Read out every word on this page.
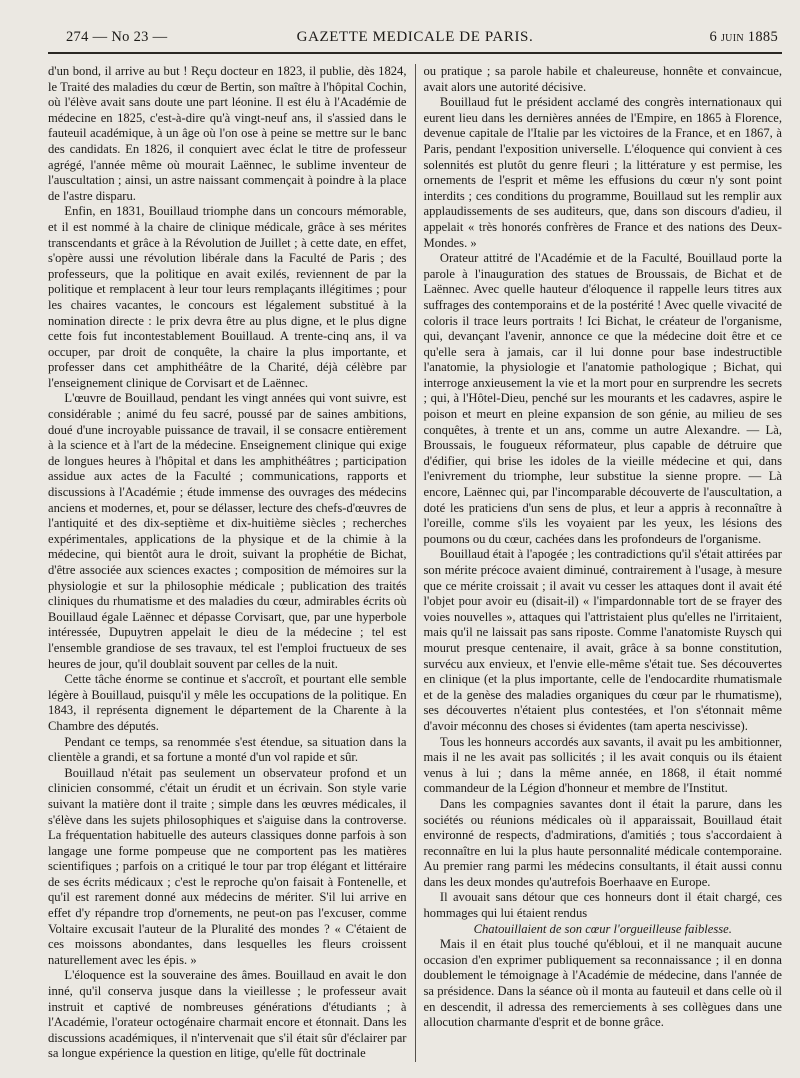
274 — No 23 —	GAZETTE MEDICALE DE PARIS.	6 juin 1885

d'un bond, il arrive au but ! Reçu docteur en 1823, il publie, dès 1824, le Traité des maladies du cœur de Bertin, son maître à l'hôpital Cochin, où l'élève avait sans doute une part léonine. Il est élu à l'Académie de médecine en 1825, c'est-à-dire qu'à vingt-neuf ans, il s'assied dans le fauteuil académique, à un âge où l'on ose à peine se mettre sur le banc des candidats. En 1826, il conquiert avec éclat le titre de professeur agrégé, l'année même où mourait Laënnec, le sublime inventeur de l'auscultation ; ainsi, un astre naissant commençait à poindre à la place de l'astre disparu.

Enfin, en 1831, Bouillaud triomphe dans un concours mémorable, et il est nommé à la chaire de clinique médicale, grâce à ses mérites transcendants et grâce à la Révolution de Juillet ; à cette date, en effet, s'opère aussi une révolution libérale dans la Faculté de Paris ; des professeurs, que la politique en avait exilés, reviennent de par la politique et remplacent à leur tour leurs remplaçants illégitimes ; pour les chaires vacantes, le concours est légalement substitué à la nomination directe : le prix devra être au plus digne, et le plus digne cette fois fut incontestablement Bouillaud. A trente-cinq ans, il va occuper, par droit de conquête, la chaire la plus importante, et professer dans cet amphithéâtre de la Charité, déjà célèbre par l'enseignement clinique de Corvisart et de Laënnec.

L'œuvre de Bouillaud, pendant les vingt années qui vont suivre, est considérable ; animé du feu sacré, poussé par de saines ambitions, doué d'une incroyable puissance de travail, il se consacre entièrement à la science et à l'art de la médecine. Enseignement clinique qui exige de longues heures à l'hôpital et dans les amphithéâtres ; participation assidue aux actes de la Faculté ; communications, rapports et discussions à l'Académie ; étude immense des ouvrages des médecins anciens et modernes, et, pour se délasser, lecture des chefs-d'œuvres de l'antiquité et des dix-septième et dix-huitième siècles ; recherches expérimentales, applications de la physique et de la chimie à la médecine, qui bientôt aura le droit, suivant la prophétie de Bichat, d'être associée aux sciences exactes ; composition de mémoires sur la physiologie et sur la philosophie médicale ; publication des traités cliniques du rhumatisme et des maladies du cœur, admirables écrits où Bouillaud égale Laënnec et dépasse Corvisart, que, par une hyperbole intéressée, Dupuytren appelait le dieu de la médecine ; tel est l'ensemble grandiose de ses travaux, tel est l'emploi fructueux de ses heures de jour, qu'il doublait souvent par celles de la nuit.

Cette tâche énorme se continue et s'accroît, et pourtant elle semble légère à Bouillaud, puisqu'il y mêle les occupations de la politique. En 1843, il représenta dignement le département de la Charente à la Chambre des députés.

Pendant ce temps, sa renommée s'est étendue, sa situation dans la clientèle a grandi, et sa fortune a monté d'un vol rapide et sûr.

Bouillaud n'était pas seulement un observateur profond et un clinicien consommé, c'était un érudit et un écrivain. Son style varie suivant la matière dont il traite ; simple dans les œuvres médicales, il s'élève dans les sujets philosophiques et s'aiguise dans la controverse. La fréquentation habituelle des auteurs classiques donne parfois à son langage une forme pompeuse que ne comportent pas les matières scientifiques ; parfois on a critiqué le tour par trop élégant et littéraire de ses écrits médicaux ; c'est le reproche qu'on faisait à Fontenelle, et qu'il est rarement donné aux médecins de mériter. S'il lui arrive en effet d'y répandre trop d'ornements, ne peut-on pas l'excuser, comme Voltaire excusait l'auteur de la Pluralité des mondes ? « C'étaient de ces moissons abondantes, dans lesquelles les fleurs croissent naturellement avec les épis. »

L'éloquence est la souveraine des âmes. Bouillaud en avait le don inné, qu'il conserva jusque dans la vieillesse ; le professeur avait instruit et captivé de nombreuses générations d'étudiants ; à l'Académie, l'orateur octogénaire charmait encore et étonnait. Dans les discussions académiques, il n'intervenait que s'il était sûr d'éclairer par sa longue expérience la question en litige, qu'elle fût doctrinale

ou pratique ; sa parole habile et chaleureuse, honnête et convaincue, avait alors une autorité décisive.

Bouillaud fut le président acclamé des congrès internationaux qui eurent lieu dans les dernières années de l'Empire, en 1865 à Florence, devenue capitale de l'Italie par les victoires de la France, et en 1867, à Paris, pendant l'exposition universelle. L'éloquence qui convient à ces solennités est plutôt du genre fleuri ; la littérature y est permise, les ornements de l'esprit et même les effusions du cœur n'y sont point interdits ; ces conditions du programme, Bouillaud sut les remplir aux applaudissements de ses auditeurs, que, dans son discours d'adieu, il appelait « très honorés confrères de France et des nations des Deux-Mondes. »

Orateur attitré de l'Académie et de la Faculté, Bouillaud porte la parole à l'inauguration des statues de Broussais, de Bichat et de Laënnec. Avec quelle hauteur d'éloquence il rappelle leurs titres aux suffrages des contemporains et de la postérité ! Avec quelle vivacité de coloris il trace leurs portraits ! Ici Bichat, le créateur de l'organisme, qui, devançant l'avenir, annonce ce que la médecine doit être et ce qu'elle sera à jamais, car il lui donne pour base indestructible l'anatomie, la physiologie et l'anatomie pathologique ; Bichat, qui interroge anxieusement la vie et la mort pour en surprendre les secrets ; qui, à l'Hôtel-Dieu, penché sur les mourants et les cadavres, aspire le poison et meurt en pleine expansion de son génie, au milieu de ses conquêtes, à trente et un ans, comme un autre Alexandre. — Là, Broussais, le fougueux réformateur, plus capable de détruire que d'édifier, qui brise les idoles de la vieille médecine et qui, dans l'enivrement du triomphe, leur substitue la sienne propre. — Là encore, Laënnec qui, par l'incomparable découverte de l'auscultation, a doté les praticiens d'un sens de plus, et leur a appris à reconnaître à l'oreille, comme s'ils les voyaient par les yeux, les lésions des poumons ou du cœur, cachées dans les profondeurs de l'organisme.

Bouillaud était à l'apogée ; les contradictions qu'il s'était attirées par son mérite précoce avaient diminué, contrairement à l'usage, à mesure que ce mérite croissait ; il avait vu cesser les attaques dont il avait été l'objet pour avoir eu (disait-il) « l'impardonnable tort de se frayer des voies nouvelles », attaques qui l'attristaient plus qu'elles ne l'irritaient, mais qu'il ne laissait pas sans riposte. Comme l'anatomiste Ruysch qui mourut presque centenaire, il avait, grâce à sa bonne constitution, survécu aux envieux, et l'envie elle-même s'était tue. Ses découvertes en clinique (et la plus importante, celle de l'endocardite rhumatismale et de la genèse des maladies organiques du cœur par le rhumatisme), ses découvertes n'étaient plus contestées, et l'on s'étonnait même d'avoir méconnu des choses si évidentes (tam aperta nescivisse).

Tous les honneurs accordés aux savants, il avait pu les ambitionner, mais il ne les avait pas sollicités ; il les avait conquis ou ils étaient venus à lui ; dans la même année, en 1868, il était nommé commandeur de la Légion d'honneur et membre de l'Institut.

Dans les compagnies savantes dont il était la parure, dans les sociétés ou réunions médicales où il apparaissait, Bouillaud était environné de respects, d'admirations, d'amitiés ; tous s'accordaient à reconnaître en lui la plus haute personnalité médicale contemporaine. Au premier rang parmi les médecins consultants, il était aussi connu dans les deux mondes qu'autrefois Boerhaave en Europe.

Il avouait sans détour que ces honneurs dont il était chargé, ces hommages qui lui étaient rendus

Chatouillaient de son cœur l'orgueilleuse faiblesse.

Mais il en était plus touché qu'ébloui, et il ne manquait aucune occasion d'en exprimer publiquement sa reconnaissance ; il en donna doublement le témoignage à l'Académie de médecine, dans l'année de sa présidence. Dans la séance où il monta au fauteuil et dans celle où il en descendit, il adressa des remerciements à ses collègues dans une allocution charmante d'esprit et de bonne grâce.
